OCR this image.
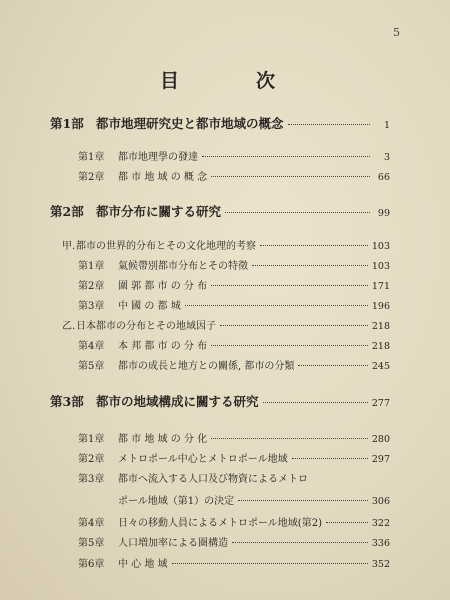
5
目	次
第1部 都市地理研究史と都市地域の概念	1
第1章	都市地理學の發達	3
第2章	都 市 地 域 の 概 念	66
第2部 都市分布に關する研究	99
甲. 都市の世界的分布とその文化地理的考察	103
第1章	氣候帶別都市分布とその特徵	103
第2章	圍 郭 都 市 の 分 布	171
第3章	中 國 の 都 城	196
乙. 日本都市の分布とその地域因子	218
第4章	本 邦 都 市 の 分 布	218
第5章	都市の成長と地方との關係, 都市の分類	245
第3部 都市の地域構成に關する研究	277
第1章	都 市 地 域 の 分 化	280
第2章	メトロポール中心とメトロポール地域	297
第3章	都市へ流入する人口及び物資によるメトロ
ポール地域（第1）の決定	306
第4章	日々の移動人員によるメトロポール地域(第2)	322
第5章	人口増加率による圏構造	336
第6章	中 心 地 域	352
